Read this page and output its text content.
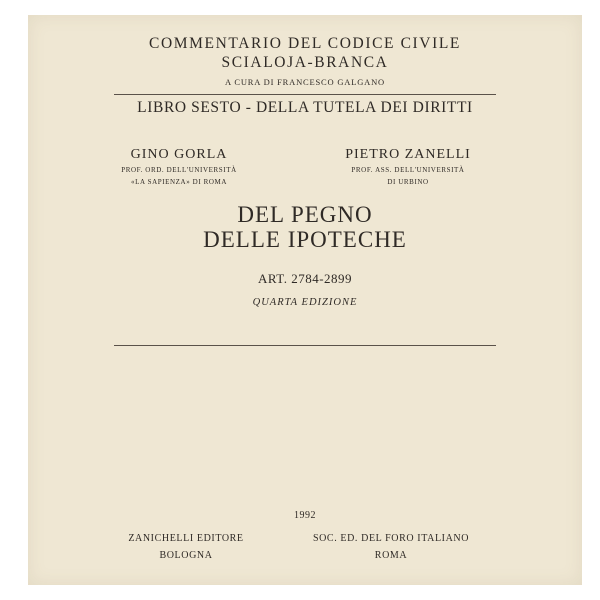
COMMENTARIO DEL CODICE CIVILE

SCIALOJA-BRANCA

A CURA DI FRANCESCO GALGANO

LIBRO SESTO - DELLA TUTELA DEI DIRITTI

GINO GORLA
PROF. ORD. DELL'UNIVERSITÀ
«LA SAPIENZA» DI ROMA
PIETRO ZANELLI
PROF. ASS. DELL'UNIVERSITÀ
DI URBINO

DEL PEGNO

DELLE IPOTECHE

ART. 2784-2899

QUARTA EDIZIONE

1992

ZANICHELLI EDITORE
BOLOGNA
SOC. ED. DEL FORO ITALIANO
ROMA
